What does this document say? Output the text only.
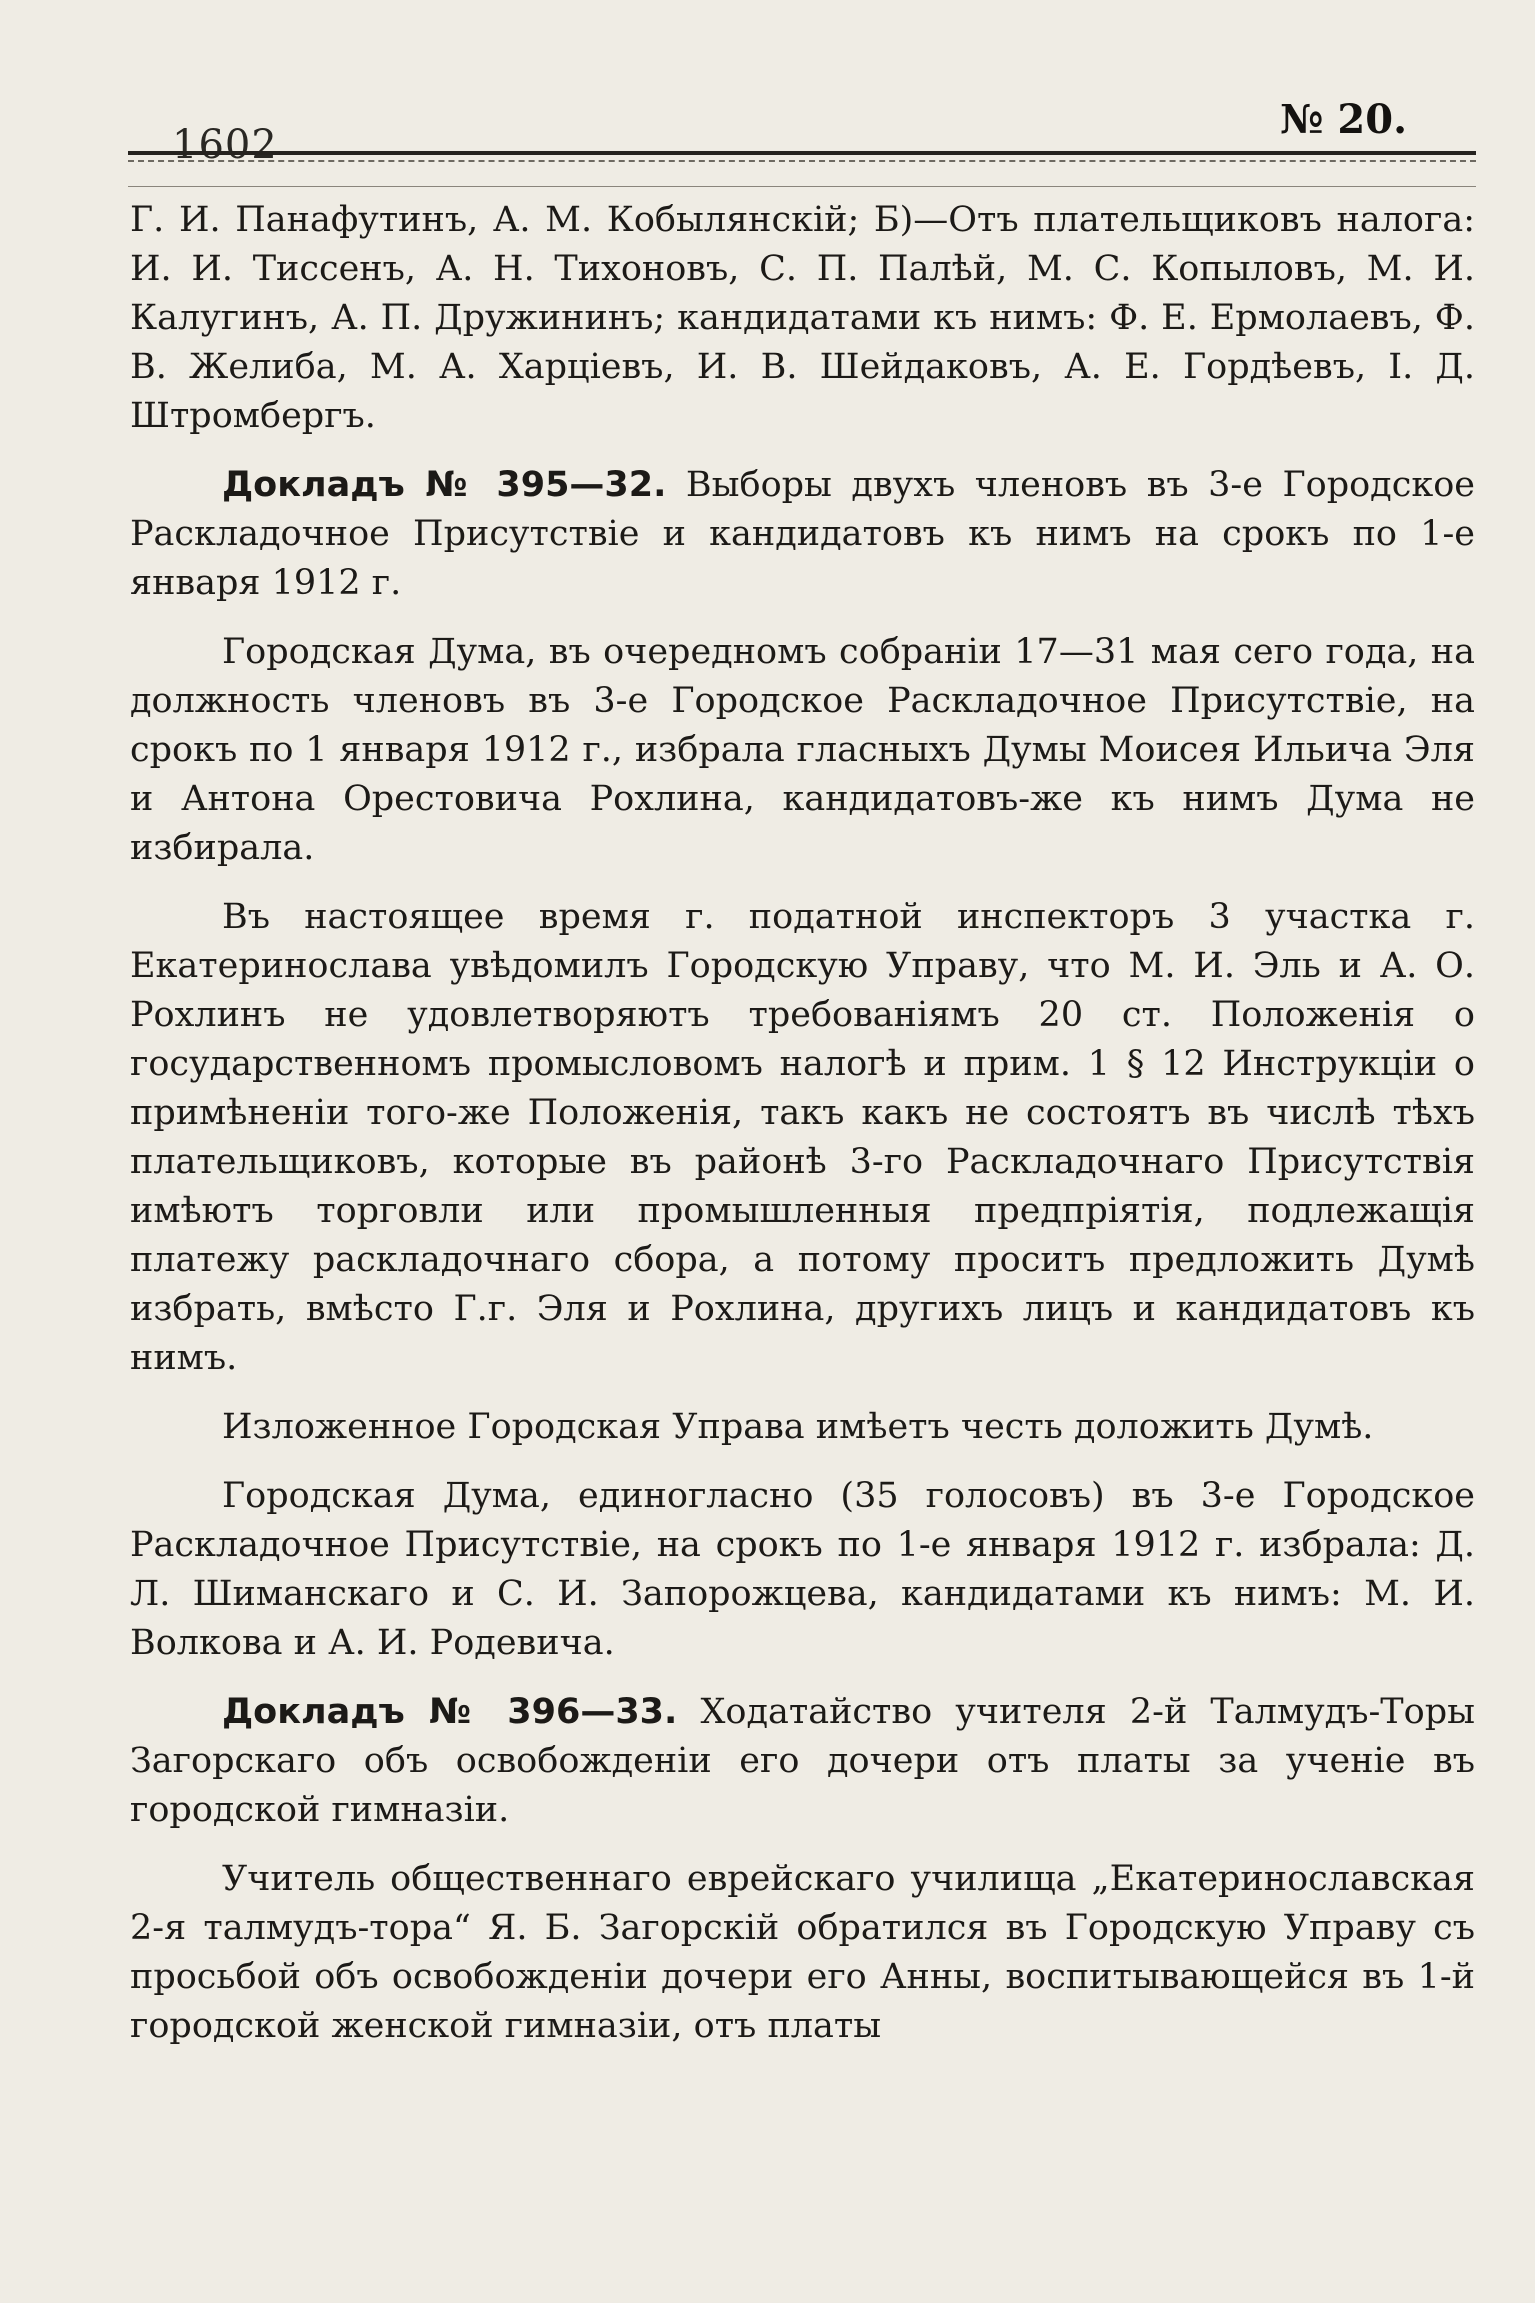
1602
№ 20.

Г. И. Панафутинъ, А. М. Кобылянскій; Б)—Отъ плательщиковъ налога: И. И. Тиссенъ, А. Н. Тихоновъ, С. П. Палѣй, М. С. Копыловъ, М. И. Калугинъ, А. П. Дружининъ; кандидатами къ нимъ: Ф. Е. Ермолаевъ, Ф. В. Желиба, М. А. Харціевъ, И. В. Шейдаковъ, А. Е. Гордѣевъ, І. Д. Штромбергъ.

Докладъ № 395—32. Выборы двухъ членовъ въ 3-е Городское Раскладочное Присутствіе и кандидатовъ къ нимъ на срокъ по 1-е января 1912 г.

Городская Дума, въ очередномъ собраніи 17—31 мая сего года, на должность членовъ въ 3-е Городское Раскладочное Присутствіе, на срокъ по 1 января 1912 г., избрала гласныхъ Думы Моисея Ильича Эля и Антона Орестовича Рохлина, кандидатовъ-же къ нимъ Дума не избирала.

Въ настоящее время г. податной инспекторъ 3 участка г. Екатеринослава увѣдомилъ Городскую Управу, что М. И. Эль и А. О. Рохлинъ не удовлетворяютъ требованіямъ 20 ст. Положенія о государственномъ промысловомъ налогѣ и прим. 1 § 12 Инструкціи о примѣненіи того-же Положенія, такъ какъ не состоятъ въ числѣ тѣхъ плательщиковъ, которые въ районѣ 3-го Раскладочнаго Присутствія имѣютъ торговли или промышленныя предпріятія, подлежащія платежу раскладочнаго сбора, а потому проситъ предложить Думѣ избрать, вмѣсто Г.г. Эля и Рохлина, другихъ лицъ и кандидатовъ къ нимъ.

Изложенное Городская Управа имѣетъ честь доложить Думѣ.

Городская Дума, единогласно (35 голосовъ) въ 3-е Городское Раскладочное Присутствіе, на срокъ по 1-е января 1912 г. избрала: Д. Л. Шиманскаго и С. И. Запорожцева, кандидатами къ нимъ: М. И. Волкова и А. И. Родевича.

Докладъ № 396—33. Ходатайство учителя 2-й Талмудъ-Торы Загорскаго объ освобожденіи его дочери отъ платы за ученіе въ городской гимназіи.

Учитель общественнаго еврейскаго училища „Екатеринославская 2-я талмудъ-тора“ Я. Б. Загорскій обратился въ Городскую Управу съ просьбой объ освобожденіи дочери его Анны, воспитывающейся въ 1-й городской женской гимназіи, отъ платы
